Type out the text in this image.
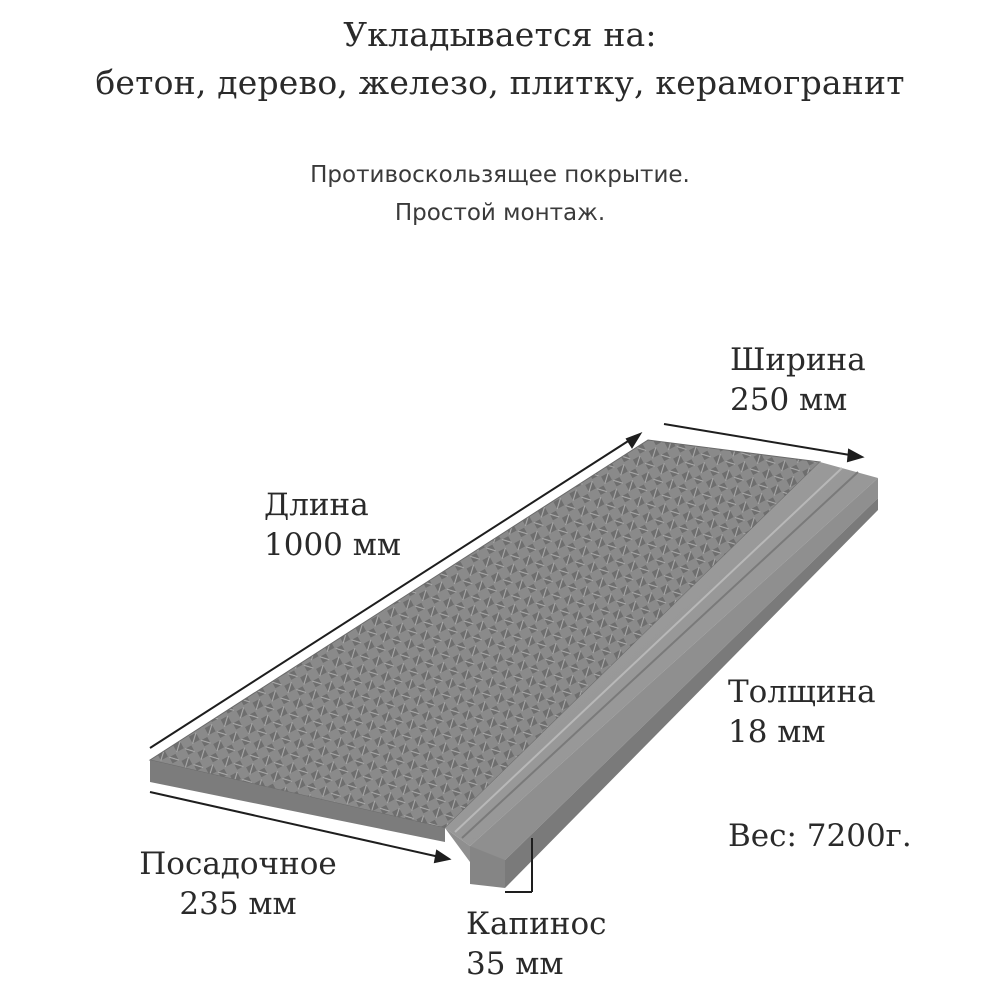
Укладывается на:
бетон, дерево, железо, плитку, керамогранит
Противоскользящее покрытие.
Простой монтаж.
Ширина
250 мм
Длина
1000 мм
Толщина
18 мм
Вес: 7200г.
Посадочное
235 мм
Капинос
35 мм
